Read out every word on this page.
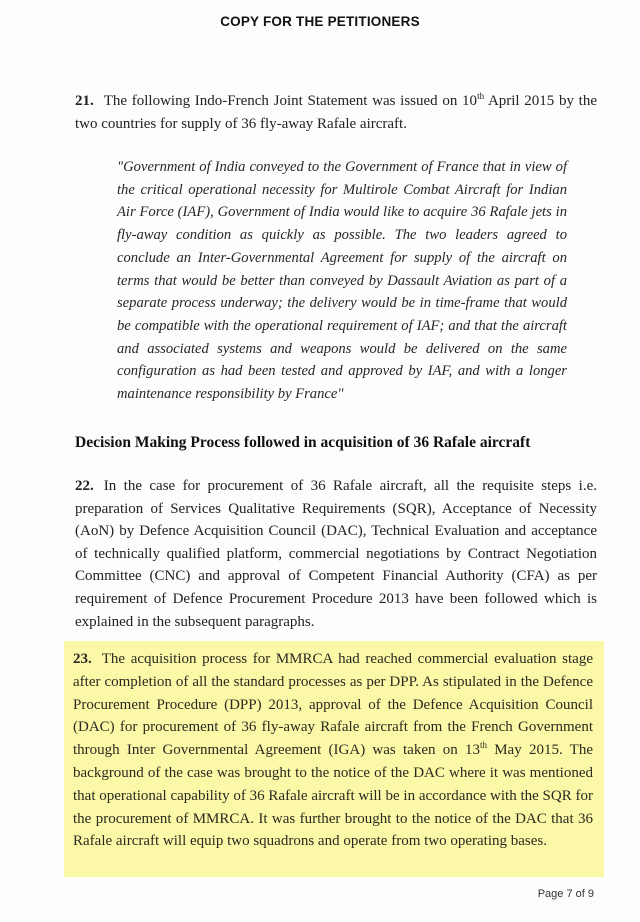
COPY FOR THE PETITIONERS
21. The following Indo-French Joint Statement was issued on 10th April 2015 by the two countries for supply of 36 fly-away Rafale aircraft.
"Government of India conveyed to the Government of France that in view of the critical operational necessity for Multirole Combat Aircraft for Indian Air Force (IAF), Government of India would like to acquire 36 Rafale jets in fly-away condition as quickly as possible. The two leaders agreed to conclude an Inter-Governmental Agreement for supply of the aircraft on terms that would be better than conveyed by Dassault Aviation as part of a separate process underway; the delivery would be in time-frame that would be compatible with the operational requirement of IAF; and that the aircraft and associated systems and weapons would be delivered on the same configuration as had been tested and approved by IAF, and with a longer maintenance responsibility by France"
Decision Making Process followed in acquisition of 36 Rafale aircraft
22. In the case for procurement of 36 Rafale aircraft, all the requisite steps i.e. preparation of Services Qualitative Requirements (SQR), Acceptance of Necessity (AoN) by Defence Acquisition Council (DAC), Technical Evaluation and acceptance of technically qualified platform, commercial negotiations by Contract Negotiation Committee (CNC) and approval of Competent Financial Authority (CFA) as per requirement of Defence Procurement Procedure 2013 have been followed which is explained in the subsequent paragraphs.
23. The acquisition process for MMRCA had reached commercial evaluation stage after completion of all the standard processes as per DPP. As stipulated in the Defence Procurement Procedure (DPP) 2013, approval of the Defence Acquisition Council (DAC) for procurement of 36 fly-away Rafale aircraft from the French Government through Inter Governmental Agreement (IGA) was taken on 13th May 2015. The background of the case was brought to the notice of the DAC where it was mentioned that operational capability of 36 Rafale aircraft will be in accordance with the SQR for the procurement of MMRCA. It was further brought to the notice of the DAC that 36 Rafale aircraft will equip two squadrons and operate from two operating bases.
Page 7 of 9
